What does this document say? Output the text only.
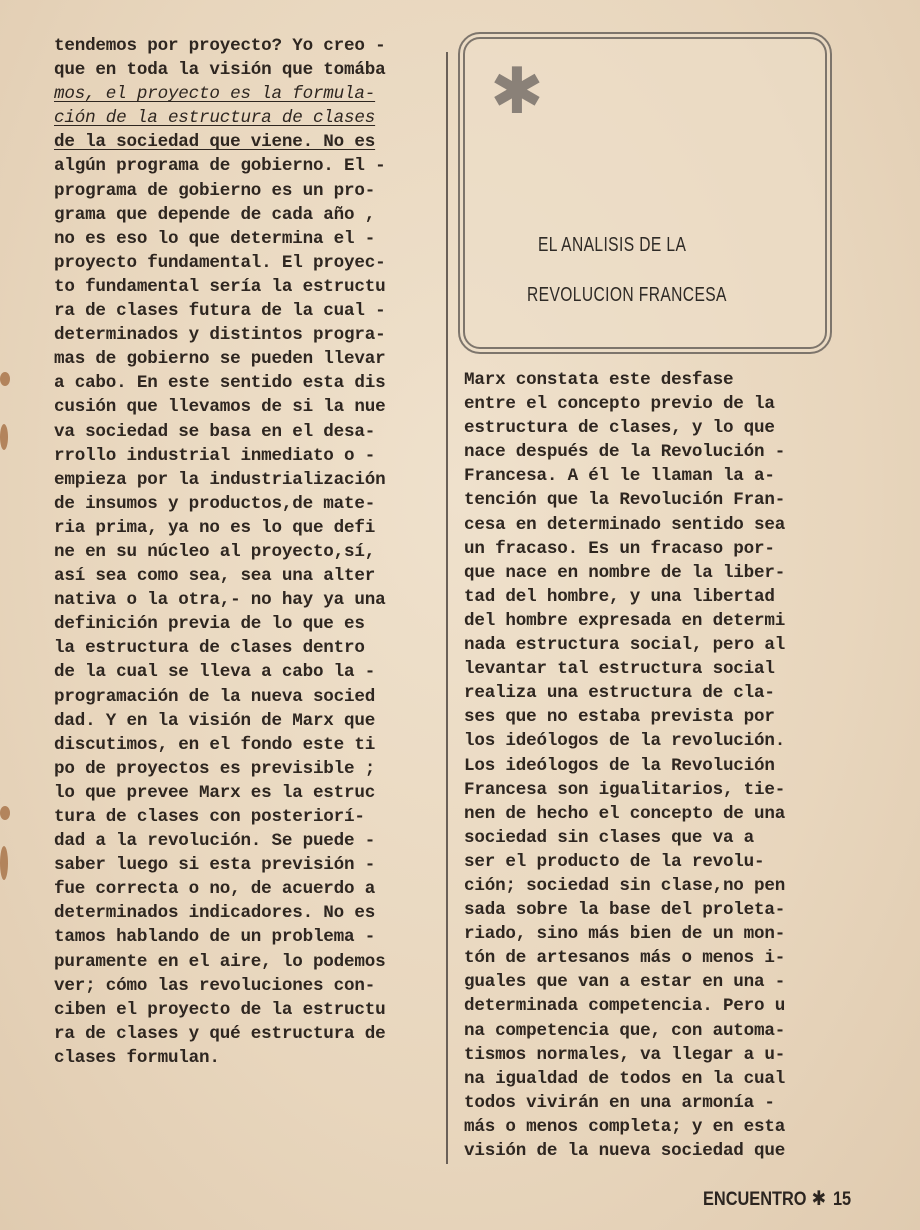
✱
EL ANALISIS DE LA
REVOLUCION FRANCESA
tendemos por proyecto? Yo creo -
que en toda la visión que tomába
mos, el proyecto es la formula-
ción de la estructura de clases
de la sociedad que viene. No es
algún programa de gobierno. El -
programa de gobierno es un pro-
grama que depende de cada año ,
no es eso lo que determina el -
proyecto fundamental. El proyec-
to fundamental sería la estructu
ra de clases futura de la cual -
determinados y distintos progra-
mas de gobierno se pueden llevar
a cabo. En este sentido esta dis
cusión que llevamos de si la nue
va sociedad se basa en el desa-
rrollo industrial inmediato o -
empieza por la industrialización
de insumos y productos,de mate-
ria prima, ya no es lo que defi
ne en su núcleo al proyecto,sí,
así sea como sea, sea una alter
nativa o la otra,- no hay ya una
definición previa de lo que es
la estructura de clases dentro
de la cual se lleva a cabo la -
programación de la nueva socied
dad. Y en la visión de Marx que
discutimos, en el fondo este ti
po de proyectos es previsible ;
lo que prevee Marx es la estruc
tura de clases con posteriorí-
dad a la revolución. Se puede -
saber luego si esta previsión -
fue correcta o no, de acuerdo a
determinados indicadores. No es
tamos hablando de un problema -
puramente en el aire, lo podemos
ver; cómo las revoluciones con-
ciben el proyecto de la estructu
ra de clases y qué estructura de
clases formulan.
Marx constata este desfase
entre el concepto previo de la
estructura de clases, y lo que
nace después de la Revolución -
Francesa. A él le llaman la a-
tención que la Revolución Fran-
cesa en determinado sentido sea
un fracaso. Es un fracaso por-
que nace en nombre de la liber-
tad del hombre, y una libertad
del hombre expresada en determi
nada estructura social, pero al
levantar tal estructura social
realiza una estructura de cla-
ses que no estaba prevista por
los ideólogos de la revolución.
Los ideólogos de la Revolución
Francesa son igualitarios, tie-
nen de hecho el concepto de una
sociedad sin clases que va a
ser el producto de la revolu-
ción; sociedad sin clase,no pen
sada sobre la base del proleta-
riado, sino más bien de un mon-
tón de artesanos más o menos i-
guales que van a estar en una -
determinada competencia. Pero u
na competencia que, con automa-
tismos normales, va llegar a u-
na igualdad de todos en la cual
todos vivirán en una armonía -
más o menos completa; y en esta
visión de la nueva sociedad que
ENCUENTRO ✱ 15
